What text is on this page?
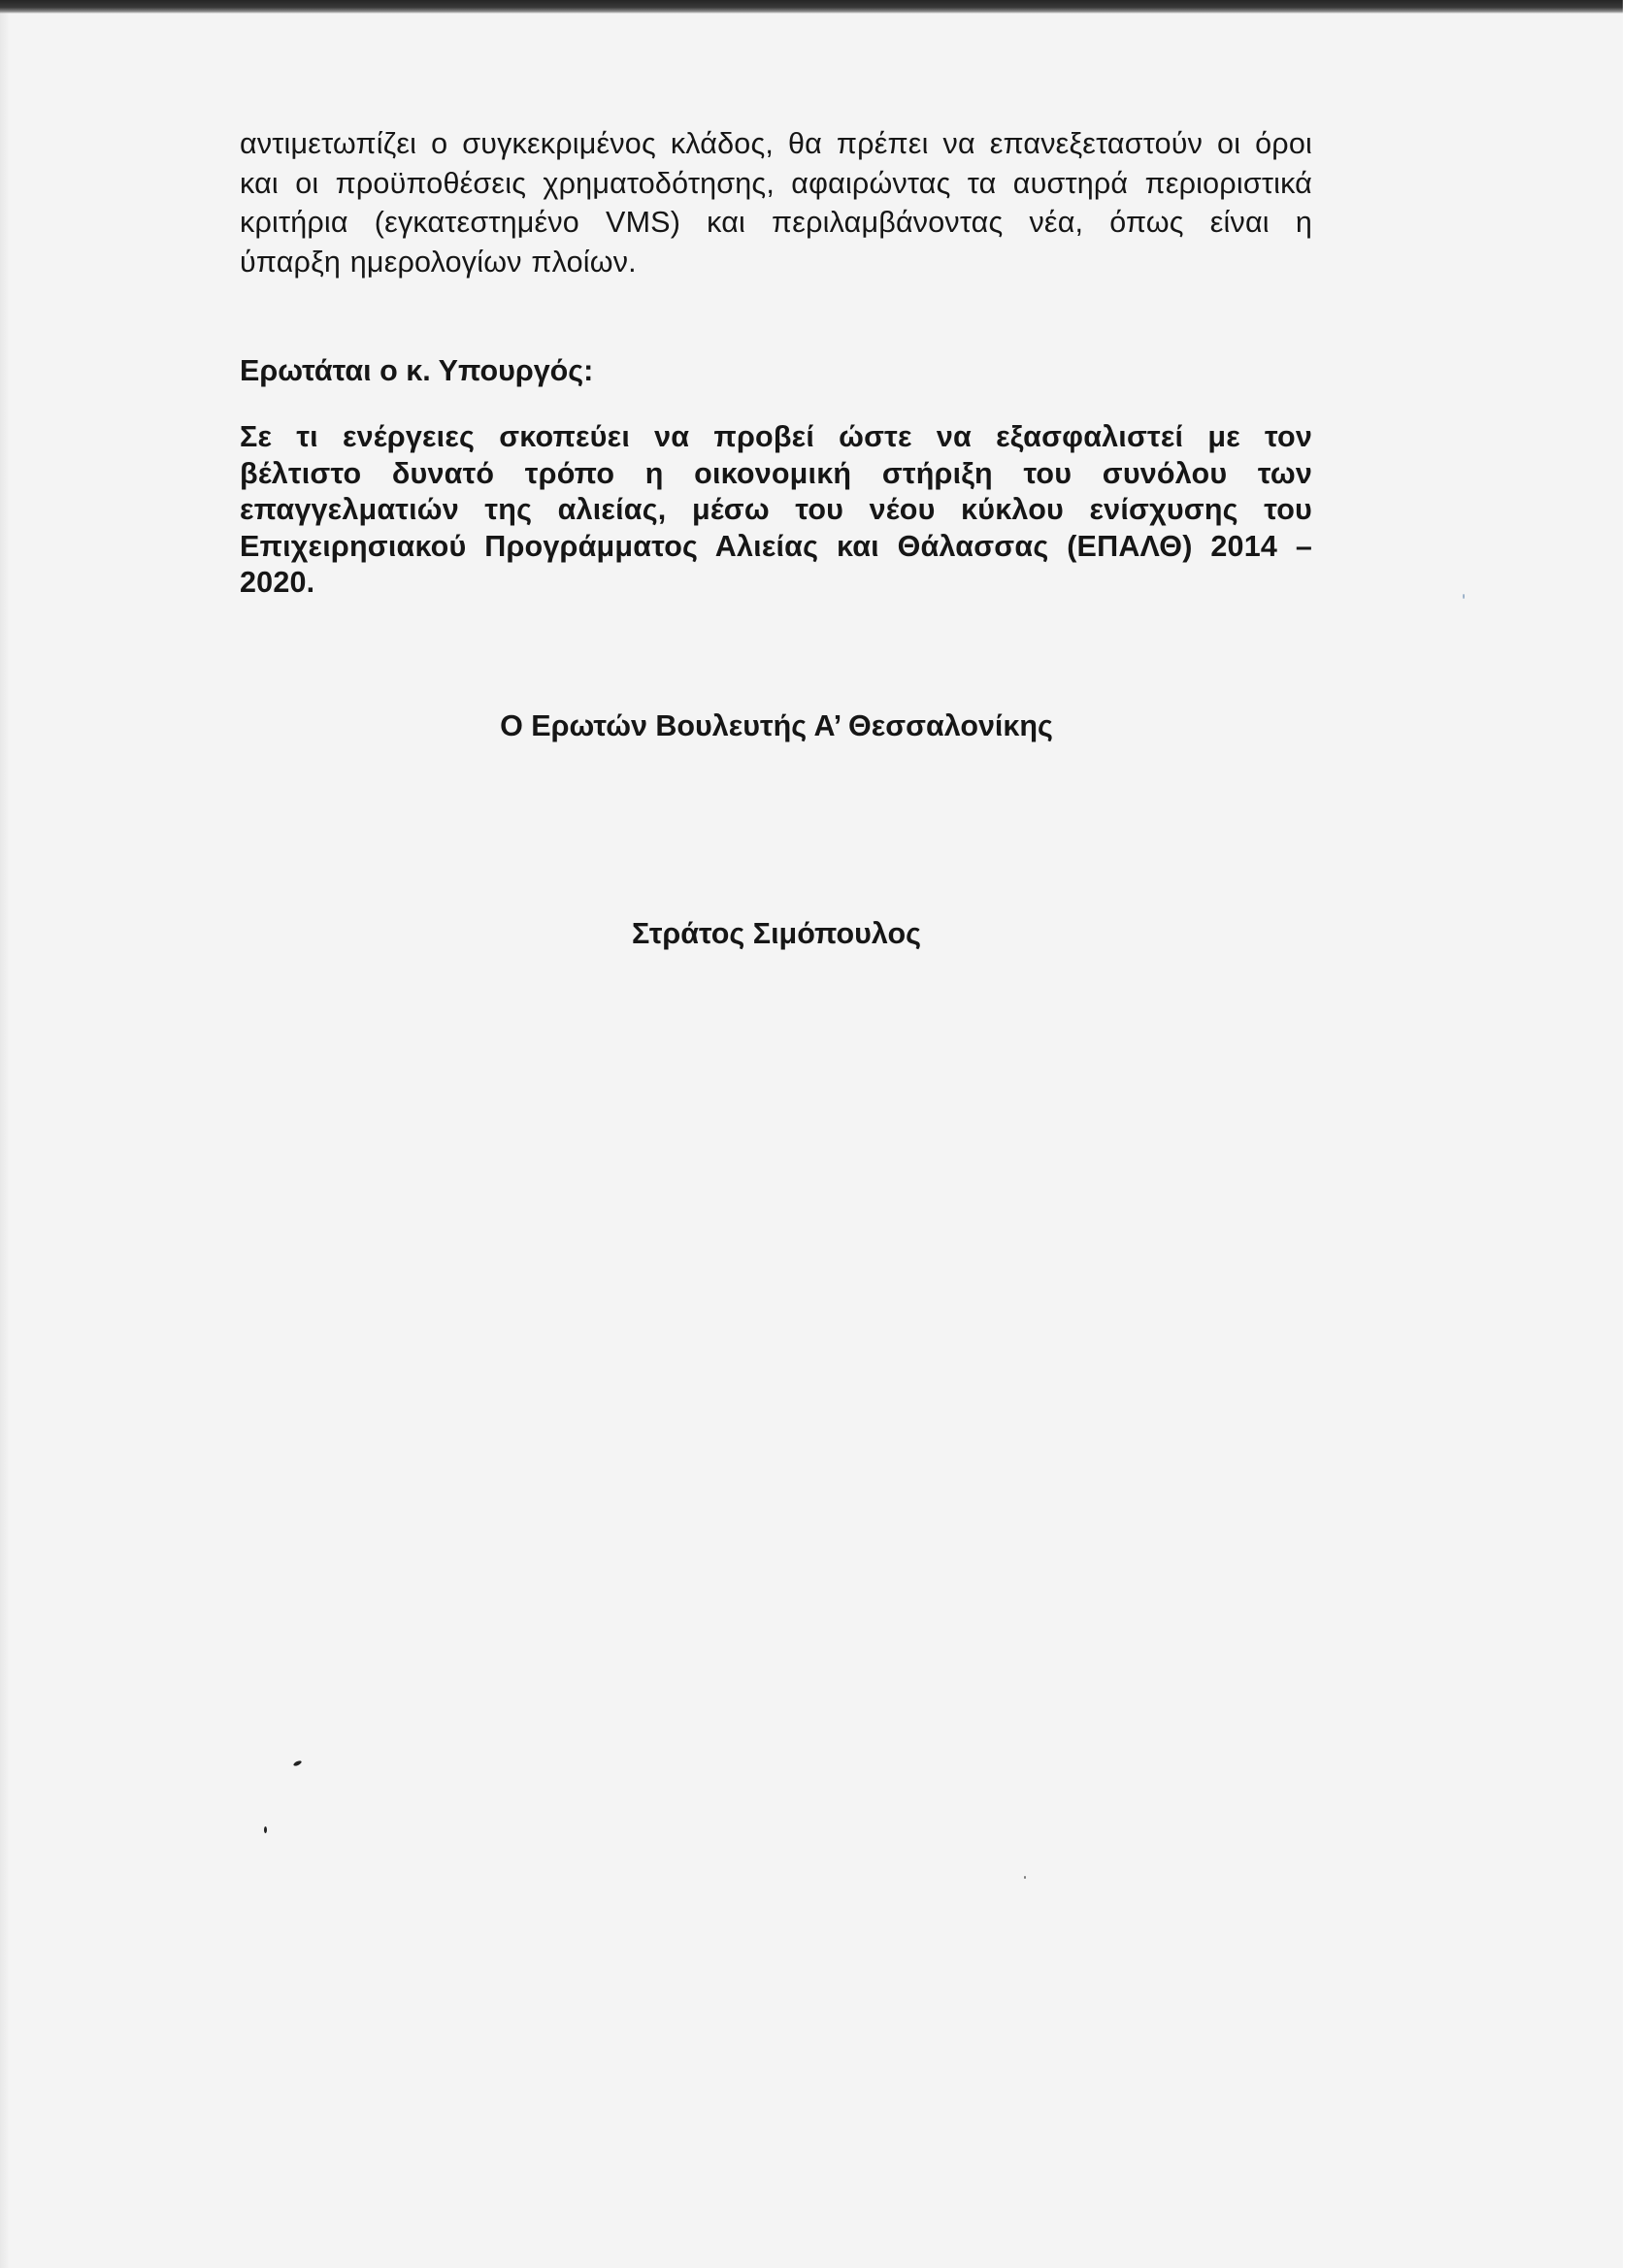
αντιμετωπίζει ο συγκεκριμένος κλάδος, θα πρέπει να επανεξεταστούν οι όροι
και οι προϋποθέσεις χρηματοδότησης, αφαιρώντας τα αυστηρά περιοριστικά
κριτήρια (εγκατεστημένο VMS) και περιλαμβάνοντας νέα, όπως είναι η
ύπαρξη ημερολογίων πλοίων.
Ερωτάται ο κ. Υπουργός:
Σε τι ενέργειες σκοπεύει να προβεί ώστε να εξασφαλιστεί με τον
βέλτιστο δυνατό τρόπο η οικονομική στήριξη του συνόλου των
επαγγελματιών της αλιείας, μέσω του νέου κύκλου ενίσχυσης του
Επιχειρησιακού Προγράμματος Αλιείας και Θάλασσας (ΕΠΑΛΘ) 2014 –
2020.
Ο Ερωτών Βουλευτής Α’ Θεσσαλονίκης
Στράτος Σιμόπουλος
